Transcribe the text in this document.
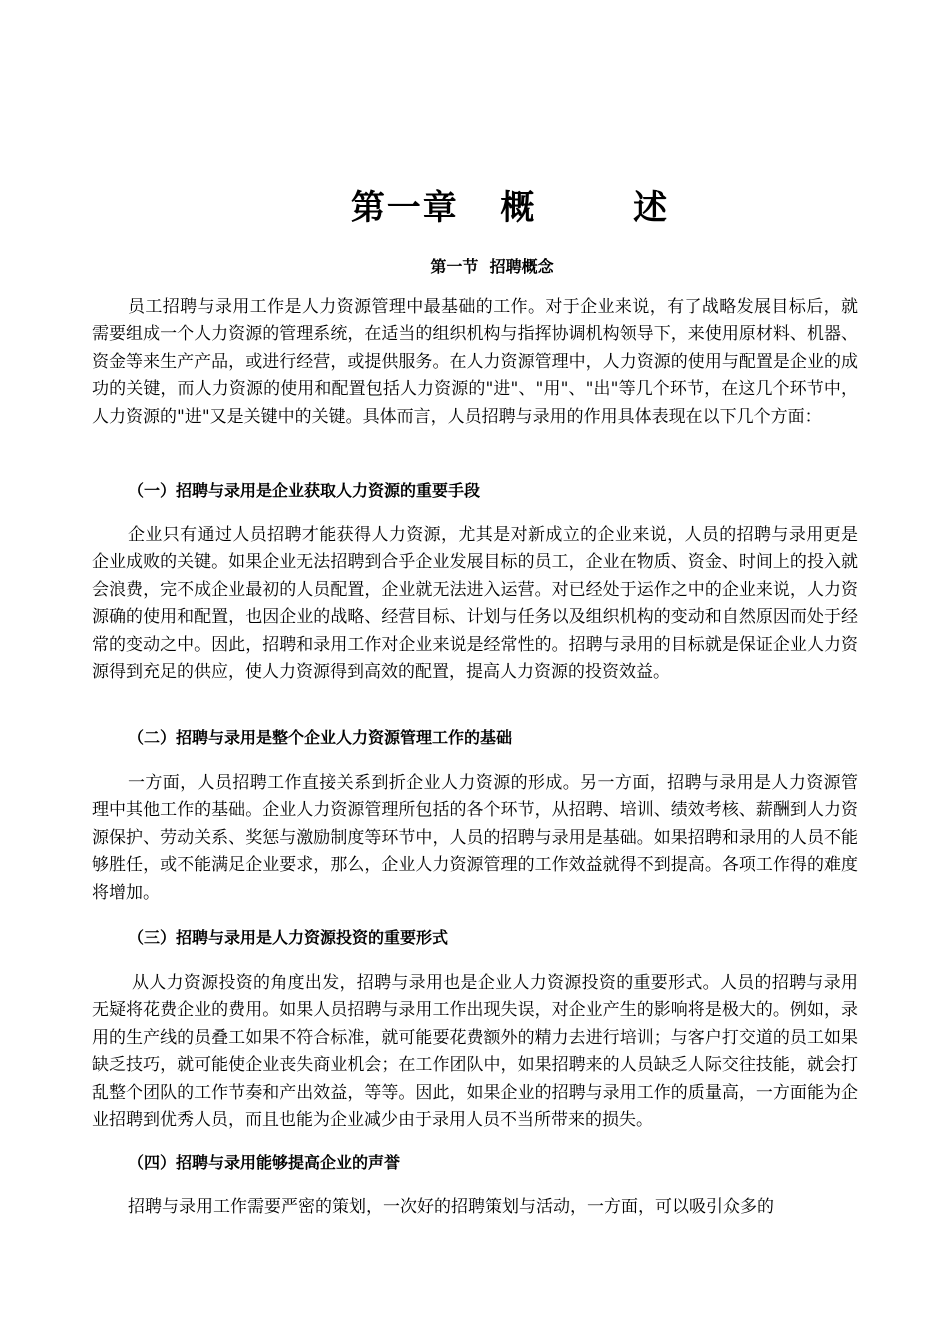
第一章   概       述
第一节  招聘概念

员工招聘与录用工作是人力资源管理中最基础的工作。对于企业来说，有了战略发展目标后，就需要组成一个人力资源的管理系统，在适当的组织机构与指挥协调机构领导下，来使用原材料、机器、资金等来生产产品，或进行经营，或提供服务。在人力资源管理中，人力资源的使用与配置是企业的成功的关键，而人力资源的使用和配置包括人力资源的"进"、"用"、"出"等几个环节，在这几个环节中，人力资源的"进"又是关键中的关键。具体而言，人员招聘与录用的作用具体表现在以下几个方面：

（一）招聘与录用是企业获取人力资源的重要手段

企业只有通过人员招聘才能获得人力资源，尤其是对新成立的企业来说，人员的招聘与录用更是企业成败的关键。如果企业无法招聘到合乎企业发展目标的员工，企业在物质、资金、时间上的投入就会浪费，完不成企业最初的人员配置，企业就无法进入运营。对已经处于运作之中的企业来说，人力资源确的使用和配置，也因企业的战略、经营目标、计划与任务以及组织机构的变动和自然原因而处于经常的变动之中。因此，招聘和录用工作对企业来说是经常性的。招聘与录用的目标就是保证企业人力资源得到充足的供应，使人力资源得到高效的配置，提高人力资源的投资效益。

（二）招聘与录用是整个企业人力资源管理工作的基础

一方面，人员招聘工作直接关系到折企业人力资源的形成。另一方面，招聘与录用是人力资源管理中其他工作的基础。企业人力资源管理所包括的各个环节，从招聘、培训、绩效考核、薪酬到人力资源保护、劳动关系、奖惩与激励制度等环节中，人员的招聘与录用是基础。如果招聘和录用的人员不能够胜任，或不能满足企业要求，那么，企业人力资源管理的工作效益就得不到提高。各项工作得的难度将增加。

（三）招聘与录用是人力资源投资的重要形式

从人力资源投资的角度出发，招聘与录用也是企业人力资源投资的重要形式。人员的招聘与录用无疑将花费企业的费用。如果人员招聘与录用工作出现失误，对企业产生的影响将是极大的。例如，录用的生产线的员叠工如果不符合标准，就可能要花费额外的精力去进行培训；与客户打交道的员工如果缺乏技巧，就可能使企业丧失商业机会；在工作团队中，如果招聘来的人员缺乏人际交往技能，就会打乱整个团队的工作节奏和产出效益，等等。因此，如果企业的招聘与录用工作的质量高，一方面能为企业招聘到优秀人员，而且也能为企业减少由于录用人员不当所带来的损失。

（四）招聘与录用能够提高企业的声誉

招聘与录用工作需要严密的策划，一次好的招聘策划与活动，一方面，可以吸引众多的
